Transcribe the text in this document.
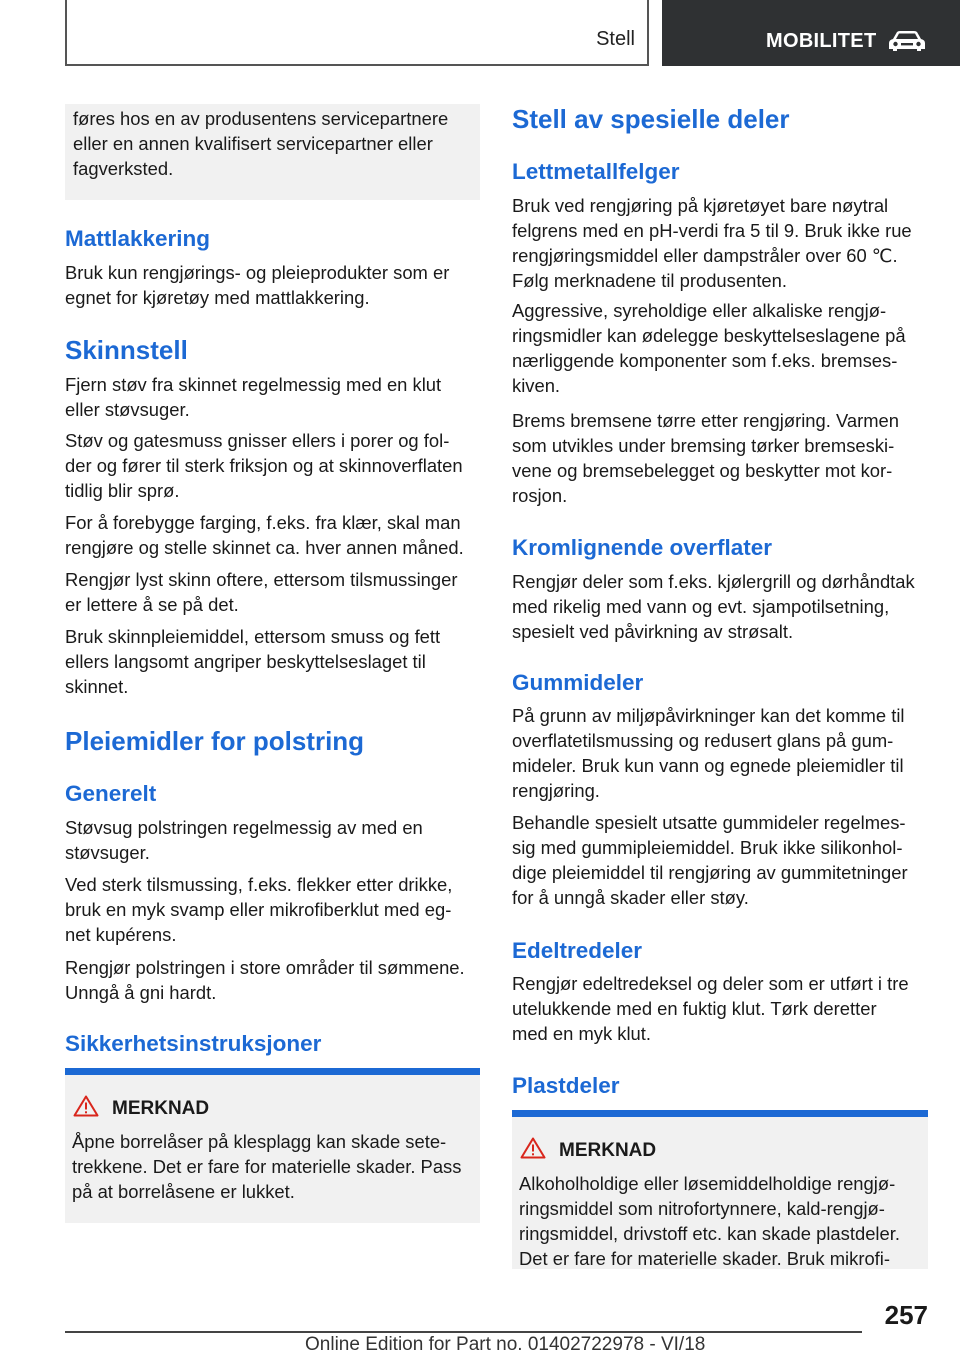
Stell	MOBILITET

føres hos en av produsentens servicepartnere
eller en annen kvalifisert servicepartner eller
fagverksted.

Mattlakkering

Bruk kun rengjørings- og pleieprodukter som er
egnet for kjøretøy med mattlakkering.

Skinnstell

Fjern støv fra skinnet regelmessig med en klut
eller støvsuger.

Støv og gatesmuss gnisser ellers i porer og fol-
der og fører til sterk friksjon og at skinnoverflaten
tidlig blir sprø.

For å forebygge farging, f.eks. fra klær, skal man
rengjøre og stelle skinnet ca. hver annen måned.

Rengjør lyst skinn oftere, ettersom tilsmussinger
er lettere å se på det.

Bruk skinnpleiemiddel, ettersom smuss og fett
ellers langsomt angriper beskyttelseslaget til
skinnet.

Pleiemidler for polstring
Generelt

Støvsug polstringen regelmessig av med en
støvsuger.

Ved sterk tilsmussing, f.eks. flekker etter drikke,
bruk en myk svamp eller mikrofiberklut med eg-
net kupérens.

Rengjør polstringen i store områder til sømmene.
Unngå å gni hardt.

Sikkerhetsinstruksjoner
MERKNAD

Åpne borrelåser på klesplagg kan skade sete-
trekkene. Det er fare for materielle skader. Pass
på at borrelåsene er lukket.

Stell av spesielle deler
Lettmetallfelger

Bruk ved rengjøring på kjøretøyet bare nøytral
felgrens med en pH-verdi fra 5 til 9. Bruk ikke rue
rengjøringsmiddel eller dampstråler over 60 ℃.
Følg merknadene til produsenten.

Aggressive, syreholdige eller alkaliske rengjø-
ringsmidler kan ødelegge beskyttelseslagene på
nærliggende komponenter som f.eks. bremses-
kiven.

Brems bremsene tørre etter rengjøring. Varmen
som utvikles under bremsing tørker bremseski-
vene og bremsebelegget og beskytter mot kor-
rosjon.

Kromlignende overflater

Rengjør deler som f.eks. kjølergrill og dørhåndtak
med rikelig med vann og evt. sjampotilsetning,
spesielt ved påvirkning av strøsalt.

Gummideler

På grunn av miljøpåvirkninger kan det komme til
overflatetilsmussing og redusert glans på gum-
mideler. Bruk kun vann og egnede pleiemidler til
rengjøring.

Behandle spesielt utsatte gummideler regelmes-
sig med gummipleiemiddel. Bruk ikke silikonhol-
dige pleiemiddel til rengjøring av gummitetninger
for å unngå skader eller støy.

Edeltredeler

Rengjør edeltredeksel og deler som er utført i tre
utelukkende med en fuktig klut. Tørk deretter
med en myk klut.

Plastdeler
MERKNAD

Alkoholholdige eller løsemiddelholdige rengjø-
ringsmiddel som nitrofortynnere, kald-rengjø-
ringsmiddel, drivstoff etc. kan skade plastdeler.
Det er fare for materielle skader. Bruk mikrofi-

257
Online Edition for Part no. 01402722978 - VI/18
